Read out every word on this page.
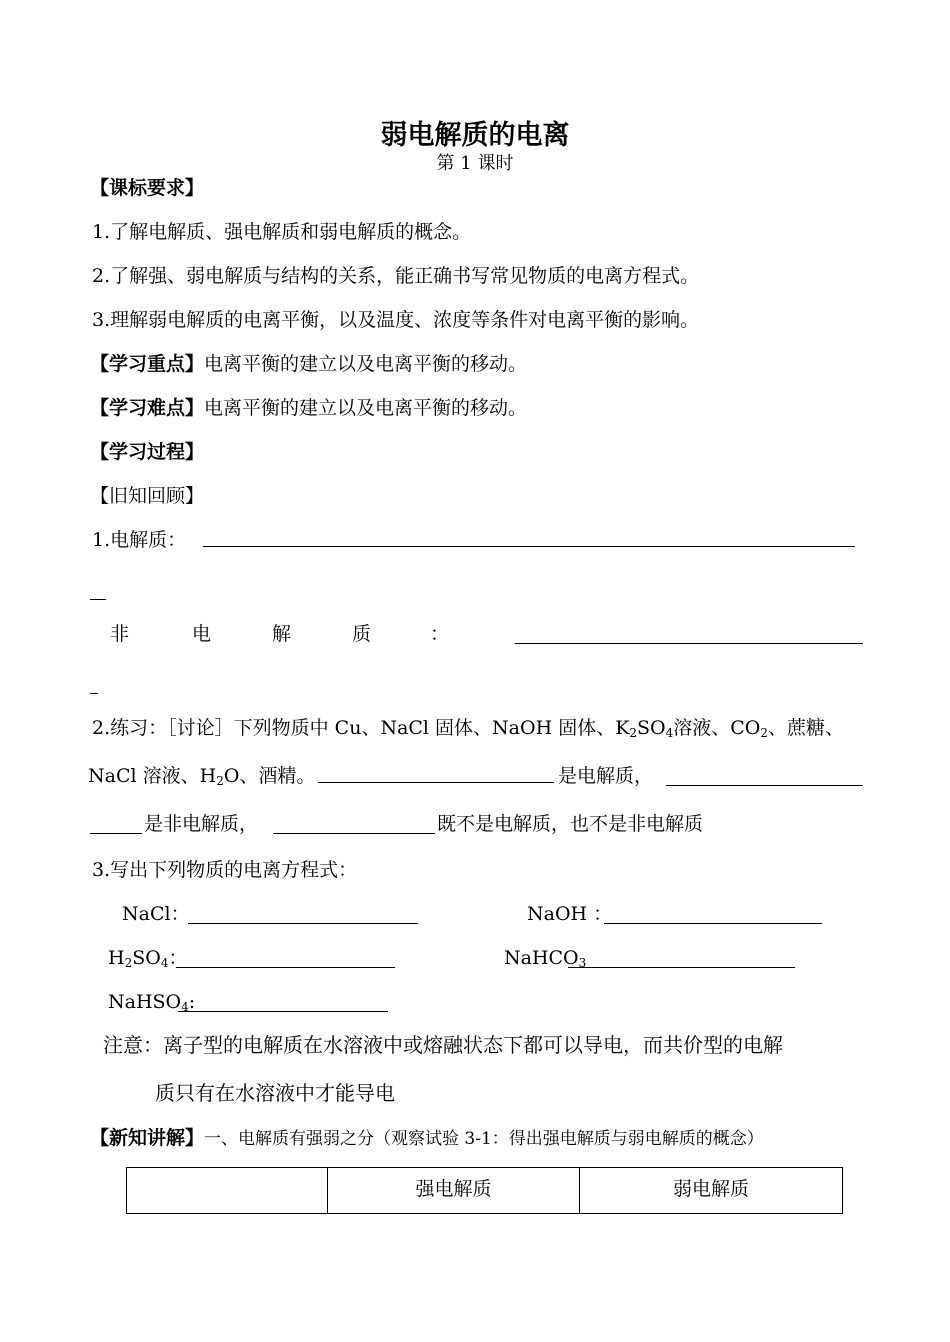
弱电解质的电离
第 1 课时
【课标要求】
1.了解电解质、强电解质和弱电解质的概念。
2.了解强、弱电解质与结构的关系，能正确书写常见物质的电离方程式。
3.理解弱电解质的电离平衡，以及温度、浓度等条件对电离平衡的影响。
【学习重点】电离平衡的建立以及电离平衡的移动。
【学习难点】电离平衡的建立以及电离平衡的移动。
【学习过程】
【旧知回顾】
1.电解质：
非	电	解	质	：
2.练习：［讨论］下列物质中 Cu、NaCl 固体、NaOH 固体、$K_2SO_4$溶液、$CO_2$、蔗糖、
NaCl 溶液、$H_2O$、酒精。	是电解质，
是非电解质，	既不是电解质，也不是非电解质
3.写出下列物质的电离方程式：
NaCl：	NaOH ：
$H_2SO_4$：	NaHCO$_3$
NaHSO$_4$:
注意：离子型的电解质在水溶液中或熔融状态下都可以导电，而共价型的电解
质只有在水溶液中才能导电
【新知讲解】一、电解质有强弱之分（观察试验 3-1：得出强电解质与弱电解质的概念）
	强电解质	弱电解质
